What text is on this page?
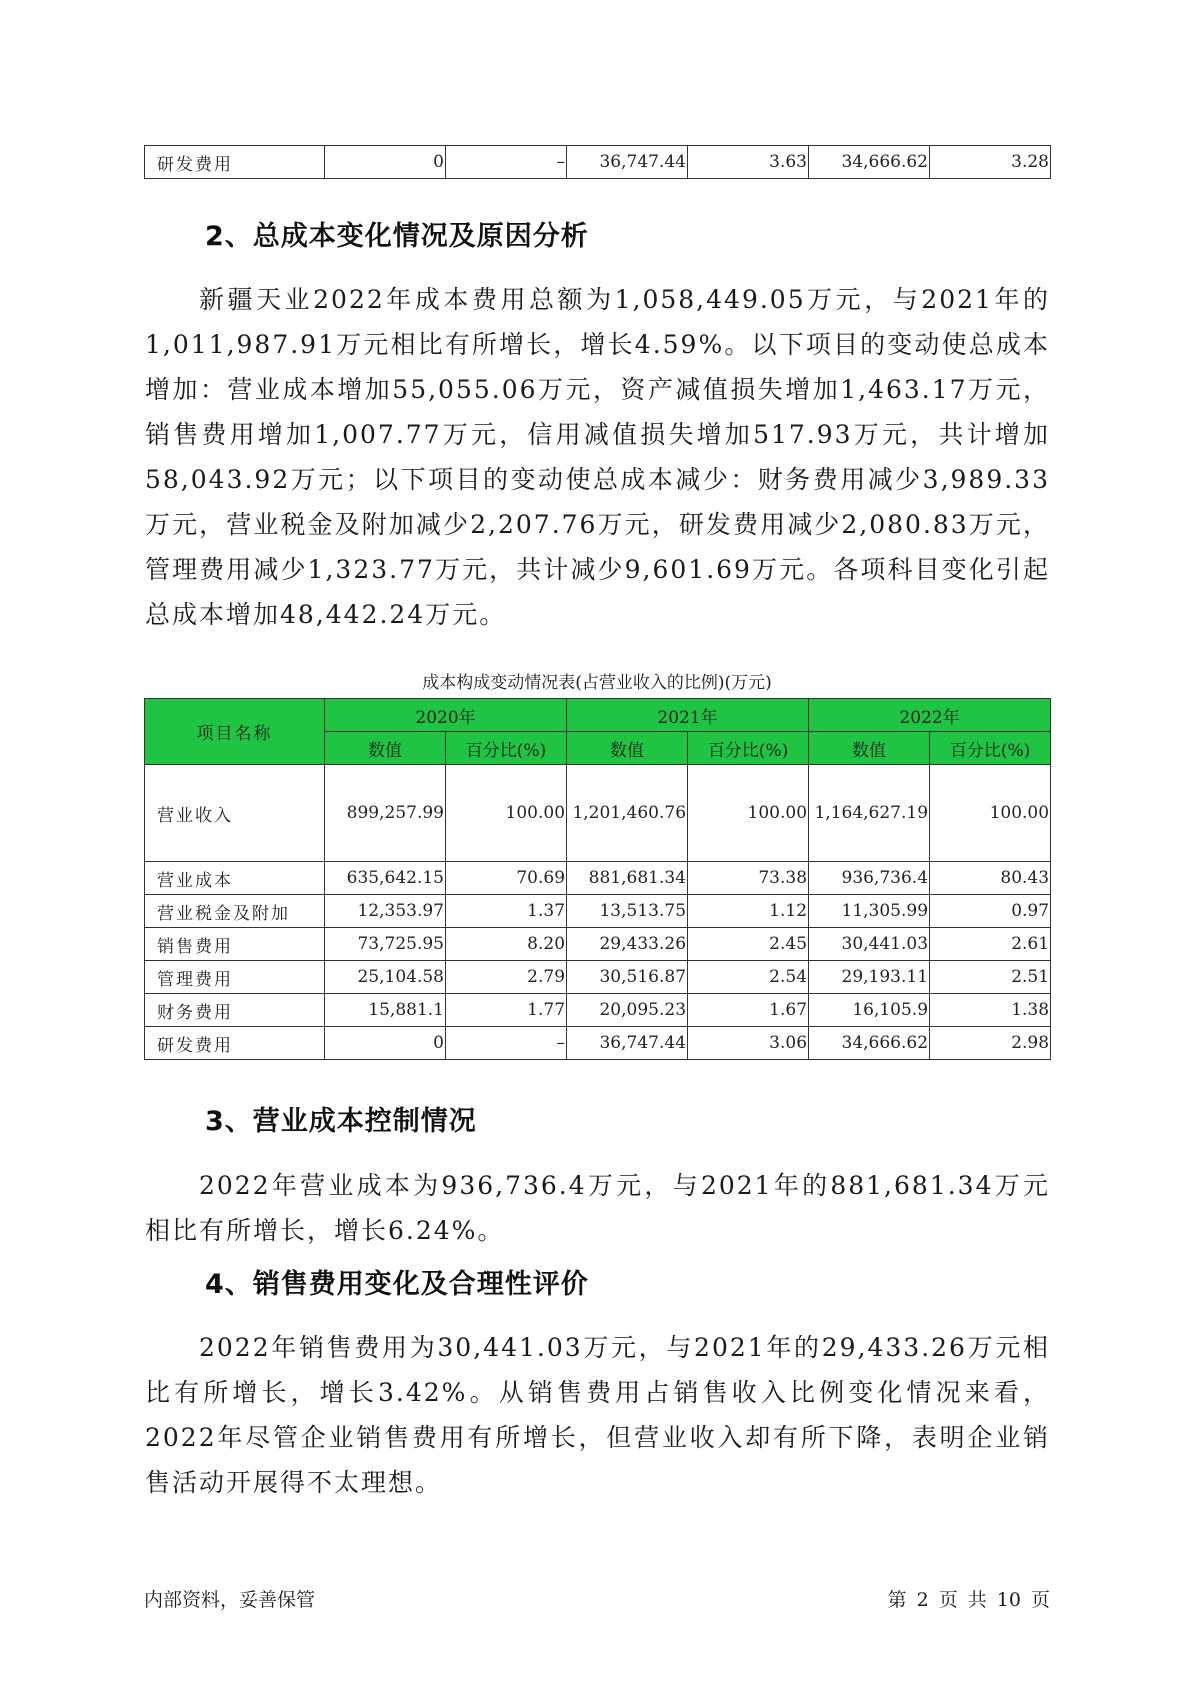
研发费用	0	–	36,747.44	3.63	34,666.62	3.28
2、总成本变化情况及原因分析

新疆天业2022年成本费用总额为1,058,449.05万元，与2021年的1,011,987.91万元相比有所增长，增长4.59%。以下项目的变动使总成本增加：营业成本增加55,055.06万元，资产减值损失增加1,463.17万元，销售费用增加1,007.77万元，信用减值损失增加517.93万元，共计增加58,043.92万元；以下项目的变动使总成本减少：财务费用减少3,989.33万元，营业税金及附加减少2,207.76万元，研发费用减少2,080.83万元，管理费用减少1,323.77万元，共计减少9,601.69万元。各项科目变化引起总成本增加48,442.24万元。

成本构成变动情况表(占营业收入的比例)(万元)

项目名称	2020年		2021年		2022年	
	数值	百分比(%)	数值	百分比(%)	数值	百分比(%)
营业收入	899,257.99	100.00	1,201,460.76	100.00	1,164,627.19	100.00
营业成本	635,642.15	70.69	881,681.34	73.38	936,736.4	80.43
营业税金及附加	12,353.97	1.37	13,513.75	1.12	11,305.99	0.97
销售费用	73,725.95	8.20	29,433.26	2.45	30,441.03	2.61
管理费用	25,104.58	2.79	30,516.87	2.54	29,193.11	2.51
财务费用	15,881.1	1.77	20,095.23	1.67	16,105.9	1.38
研发费用	0	–	36,747.44	3.06	34,666.62	2.98
3、营业成本控制情况

2022年营业成本为936,736.4万元，与2021年的881,681.34万元相比有所增长，增长6.24%。

4、销售费用变化及合理性评价

2022年销售费用为30,441.03万元，与2021年的29,433.26万元相比有所增长，增长3.42%。从销售费用占销售收入比例变化情况来看，2022年尽管企业销售费用有所增长，但营业收入却有所下降，表明企业销售活动开展得不太理想。

内部资料，妥善保管	第 2 页 共 10 页
